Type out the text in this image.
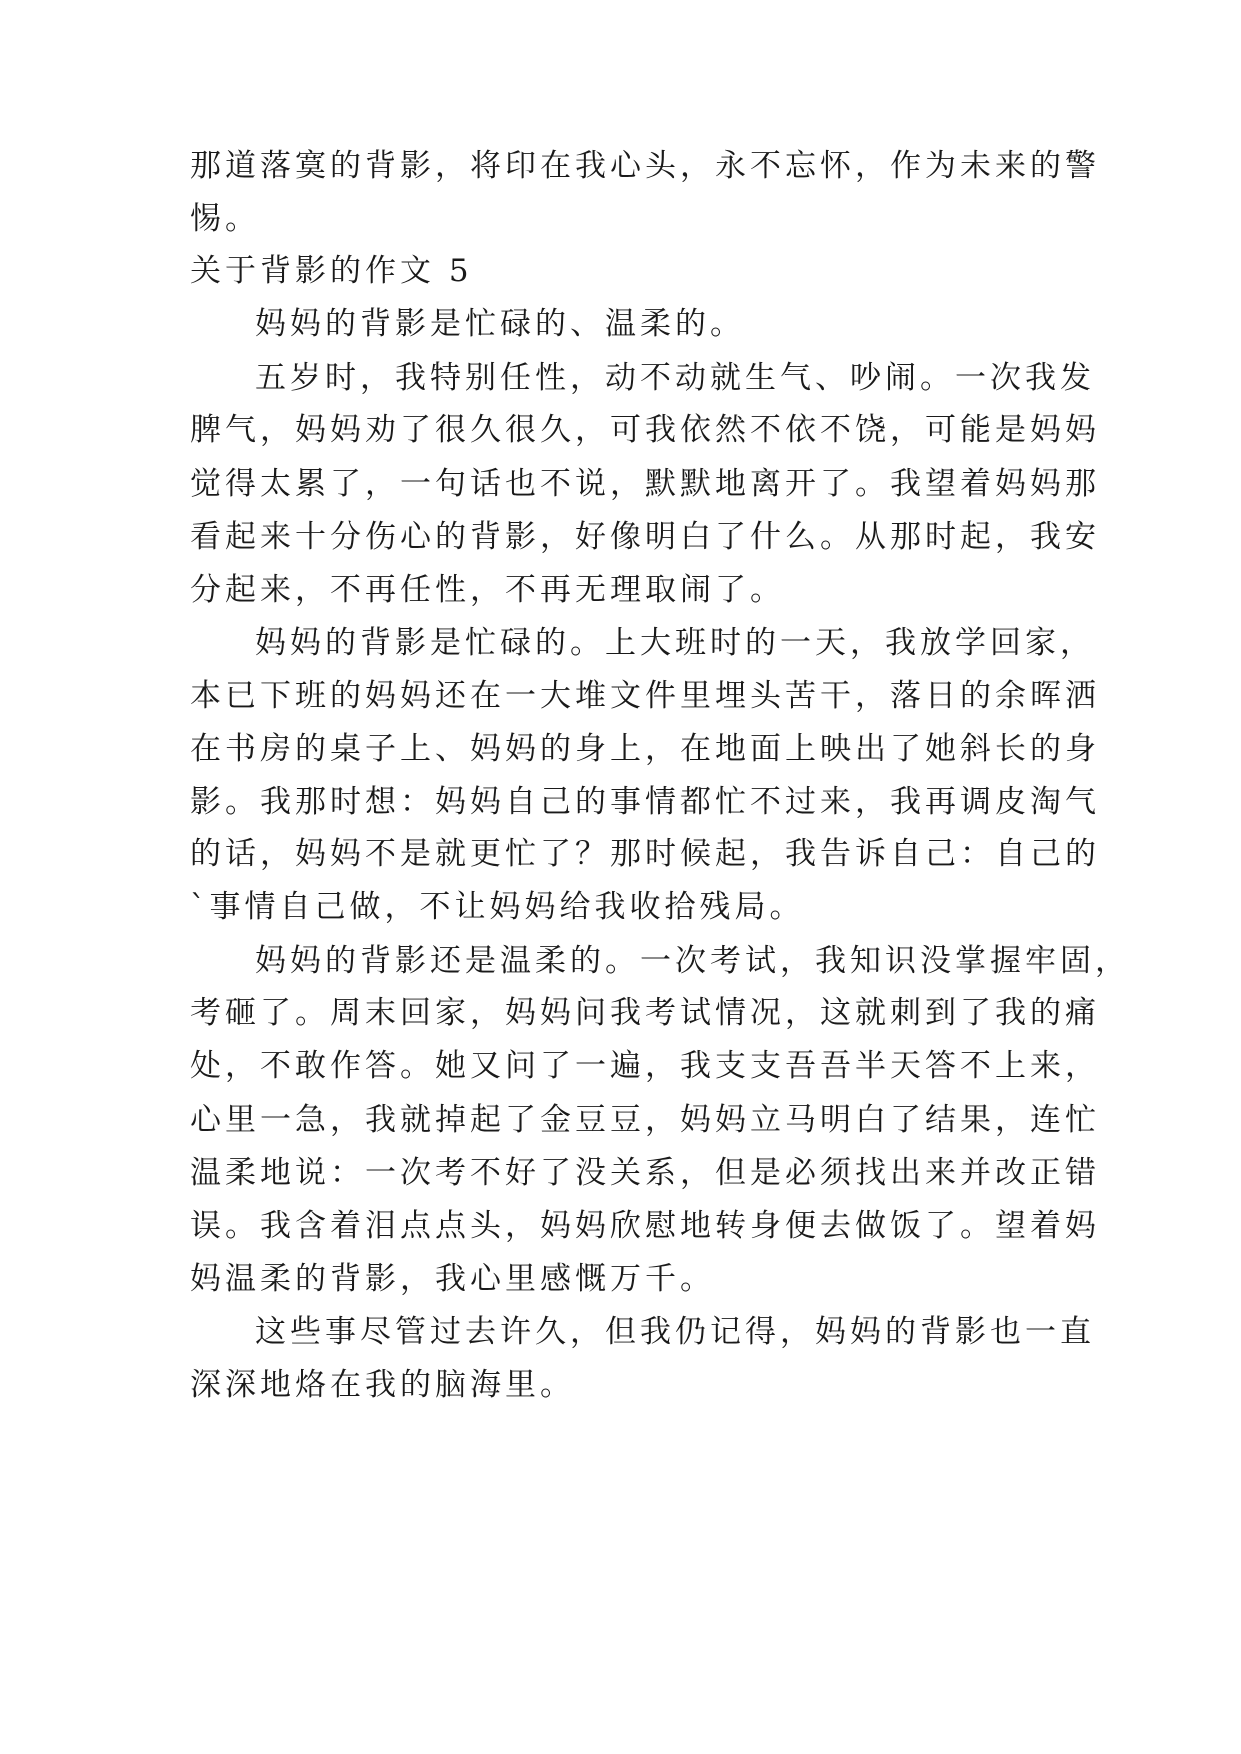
那道落寞的背影，将印在我心头，永不忘怀，作为未来的警
惕。
关于背影的作文 5
妈妈的背影是忙碌的、温柔的。
五岁时，我特别任性，动不动就生气、吵闹。一次我发
脾气，妈妈劝了很久很久，可我依然不依不饶，可能是妈妈
觉得太累了，一句话也不说，默默地离开了。我望着妈妈那
看起来十分伤心的背影，好像明白了什么。从那时起，我安
分起来，不再任性，不再无理取闹了。
妈妈的背影是忙碌的。上大班时的一天，我放学回家，
本已下班的妈妈还在一大堆文件里埋头苦干，落日的余晖洒
在书房的桌子上、妈妈的身上，在地面上映出了她斜长的身
影。我那时想：妈妈自己的事情都忙不过来，我再调皮淘气
的话，妈妈不是就更忙了？那时候起，我告诉自己：自己的
`事情自己做，不让妈妈给我收拾残局。
妈妈的背影还是温柔的。一次考试，我知识没掌握牢固，
考砸了。周末回家，妈妈问我考试情况，这就刺到了我的痛
处，不敢作答。她又问了一遍，我支支吾吾半天答不上来，
心里一急，我就掉起了金豆豆，妈妈立马明白了结果，连忙
温柔地说：一次考不好了没关系，但是必须找出来并改正错
误。我含着泪点点头，妈妈欣慰地转身便去做饭了。望着妈
妈温柔的背影，我心里感慨万千。
这些事尽管过去许久，但我仍记得，妈妈的背影也一直
深深地烙在我的脑海里。
